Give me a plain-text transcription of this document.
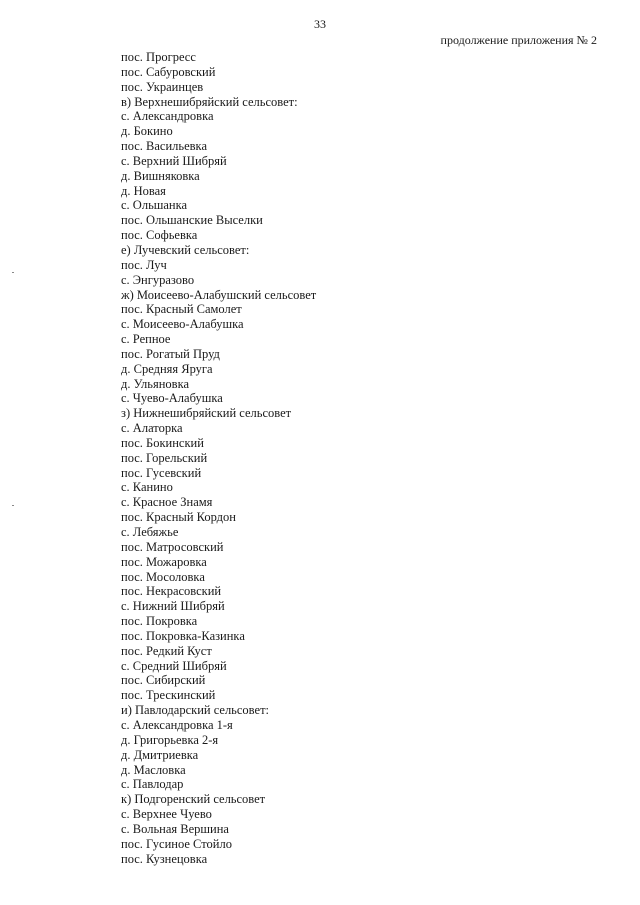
33
продолжение приложения № 2
пос. Прогресс
пос. Сабуровский
пос. Украинцев
в) Верхнешибряйский сельсовет:
с. Александровка
д. Бокино
пос. Васильевка
с. Верхний Шибряй
д. Вишняковка
д. Новая
с. Ольшанка
пос. Ольшанские Выселки
пос. Софьевка
е) Лучевский сельсовет:
пос. Луч
с. Энгуразово
ж) Моисеево-Алабушский сельсовет
пос. Красный Самолет
с. Моисеево-Алабушка
с. Репное
пос. Рогатый Пруд
д. Средняя Яруга
д. Ульяновка
с. Чуево-Алабушка
з) Нижнешибряйский сельсовет
с. Алаторка
пос. Бокинский
пос. Горельский
пос. Гусевский
с. Канино
с. Красное Знамя
пос. Красный Кордон
с. Лебяжье
пос. Матросовский
пос. Можаровка
пос. Мосоловка
пос. Некрасовский
с. Нижний Шибряй
пос. Покровка
пос. Покровка-Казинка
пос. Редкий Куст
с. Средний Шибряй
пос. Сибирский
пос. Трескинский
и) Павлодарский сельсовет:
с. Александровка 1-я
д. Григорьевка 2-я
д. Дмитриевка
д. Масловка
с. Павлодар
к) Подгоренский сельсовет
с. Верхнее Чуево
с. Вольная Вершина
пос. Гусиное Стойло
пос. Кузнецовка
